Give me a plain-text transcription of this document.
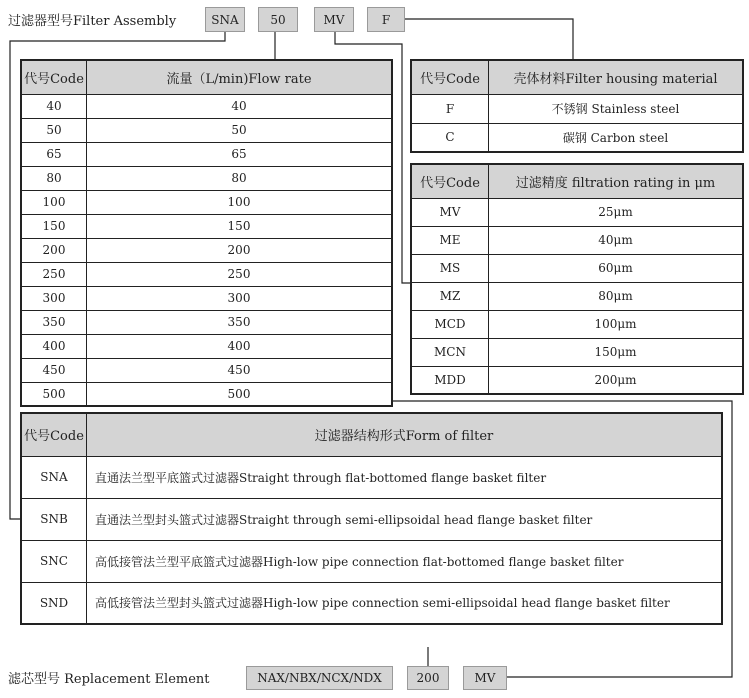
过滤器型号Filter Assembly	SNA	50	MV	F
代号Code	流量（L/min)Flow rate
40	40
50	50
65	65
80	80
100	100
150	150
200	200
250	250
300	300
350	350
400	400
450	450
500	500
代号Code	壳体材料Filter housing material
F	不锈钢 Stainless steel
C	碳钢 Carbon steel
代号Code	过滤精度 filtration rating in μm
MV	25μm
ME	40μm
MS	60μm
MZ	80μm
MCD	100μm
MCN	150μm
MDD	200μm
代号Code	过滤器结构形式Form of filter
SNA	直通法兰型平底篮式过滤器Straight through flat-bottomed flange basket filter
SNB	直通法兰型封头篮式过滤器Straight through semi-ellipsoidal head flange basket filter
SNC	高低接管法兰型平底篮式过滤器High-low pipe connection flat-bottomed flange basket filter
SND	高低接管法兰型封头篮式过滤器High-low pipe connection semi-ellipsoidal head flange basket filter
滤芯型号 Replacement Element	NAX/NBX/NCX/NDX	200	MV
